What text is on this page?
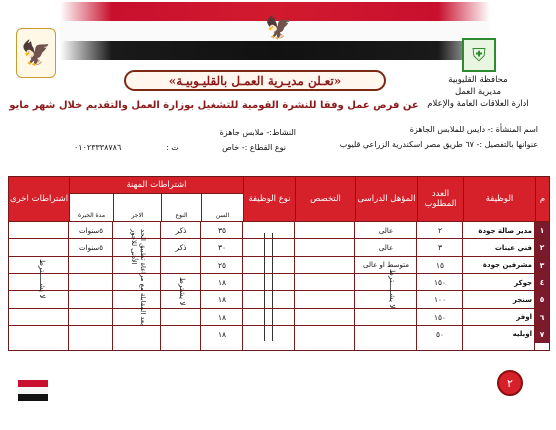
🦅
🦅	⛨
محافظة القليوبية
مديرية العمل
ادارة العلاقات العامة والإعلام
«تعـلن مديـرية العمـل بالقليـوبيـة»
عن فرص عمل وفقا للنشرة القومية للتشغيل بوزارة العمل والتقديم خلال شهر مايو
اسم المنشأة :- دايس للملابس الجاهزة
عنوانها بالتفصيل :- ٦٧ طريق مصر اسكندرية الزراعي قليوب
النشاط:- ملابس جاهزة
نوع القطاع :- خاص
٠١٠٢٣٣٣٨٧٨٦	ت :
م
الوظيفة
العدد المطلوب
المؤهل الدراسى
التخصص
نوع الوظيفة
اشتراطات المهنة
اشتراطات اخرى
السن
النوع
الاجر
مدة الخبرة
١
مدير صالة جودة
٢
عالى
٣٥
ذكر
٥سنوات
٢
فني عينات
٣
عالى
٣٠
ذكر
٥سنوات
٣
مشرفين جودة
١٥
متوسط او عالى
٢٥
٤
جوكر
١٥٠
١٨
٥
سنجر
١٠٠
١٨
٦
اوفر
١٥٠
١٨
٧
اوبليه
٥٠
١٨
لا يشـــــترط
لا يشترط
بعد المقابلة مع مراعاة تطبيق الحد الأدنى للاجور
لا يشـــــترط
٢
